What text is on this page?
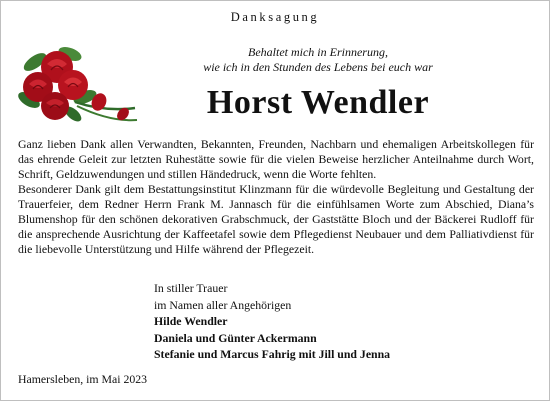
Danksagung
Behaltet mich in Erinnerung,
wie ich in den Stunden des Lebens bei euch war
Horst Wendler

Ganz lieben Dank allen Verwandten, Bekannten, Freunden, Nachbarn und ehemaligen Arbeitskollegen für das ehrende Geleit zur letzten Ruhestätte sowie für die vielen Beweise herzlicher Anteilnahme durch Wort, Schrift, Geldzuwendungen und stillen Händedruck, wenn die Worte fehlten.

Besonderer Dank gilt dem Bestattungsinstitut Klinzmann für die würdevolle Begleitung und Gestaltung der Trauerfeier, dem Redner Herrn Frank M. Jannasch für die einfühlsamen Worte zum Abschied, Diana’s Blumenshop für den schönen dekorativen Grabschmuck, der Gaststätte Bloch und der Bäckerei Rudloff für die ansprechende Ausrichtung der Kaffeetafel sowie dem Pflegedienst Neubauer und dem Palliativdienst für die liebevolle Unterstützung und Hilfe während der Pflegezeit.

In stiller Trauer
im Namen aller Angehörigen
Hilde Wendler
Daniela und Günter Ackermann
Stefanie und Marcus Fahrig mit Jill und Jenna
Hamersleben, im Mai 2023
